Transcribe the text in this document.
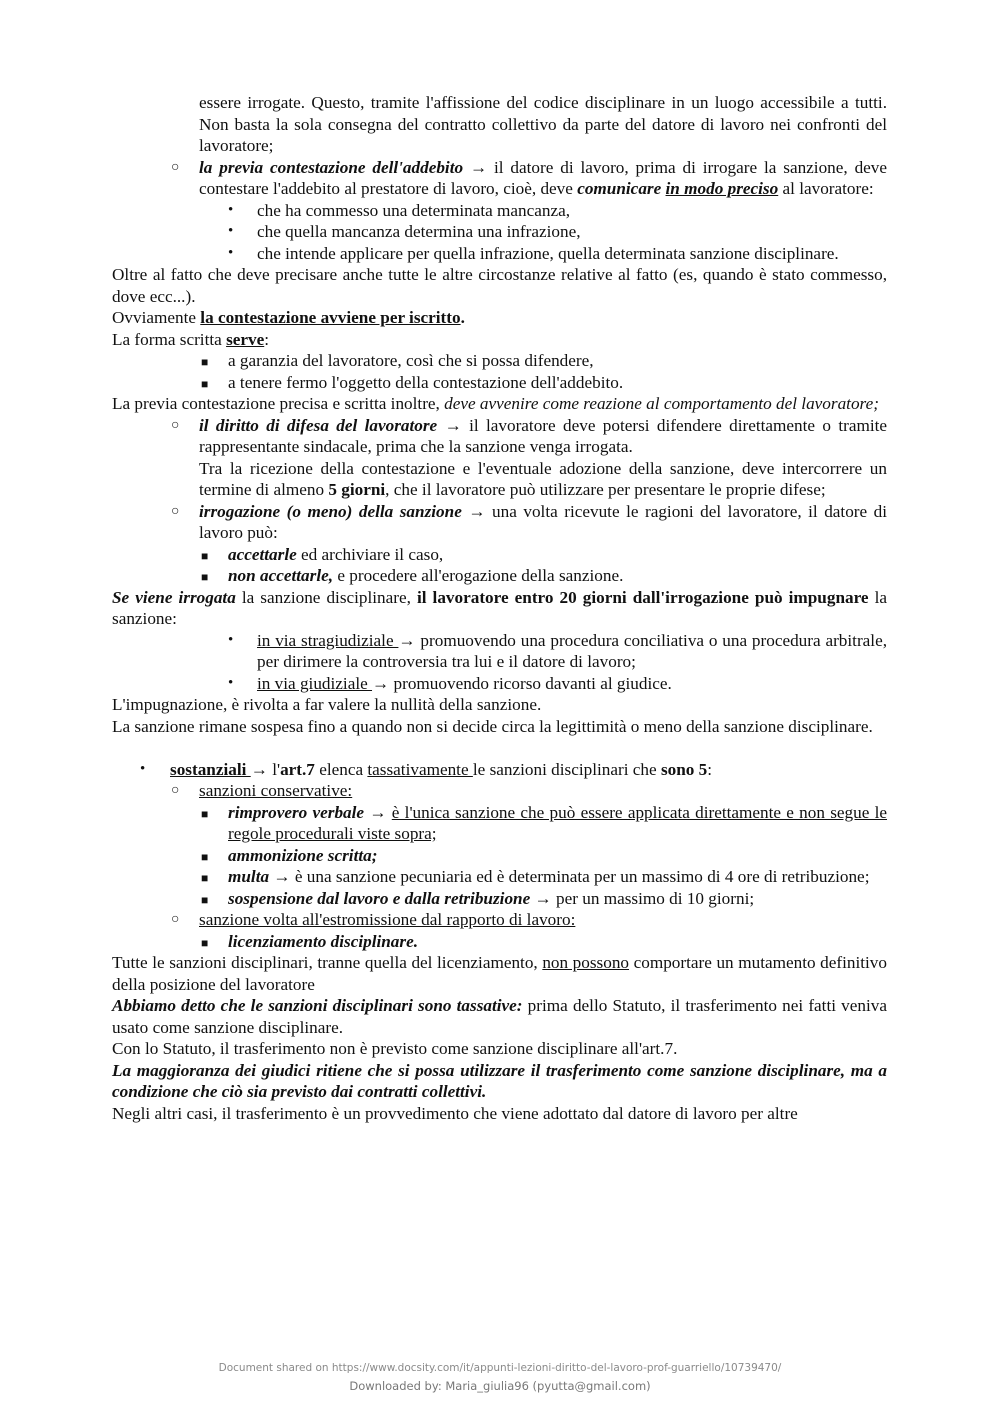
essere irrogate. Questo, tramite l'affissione del codice disciplinare in un luogo accessibile a tutti. Non basta la sola consegna del contratto collettivo da parte del datore di lavoro nei confronti del lavoratore;

○ la previa contestazione dell'addebito → il datore di lavoro, prima di irrogare la sanzione, deve contestare l'addebito al prestatore di lavoro, cioè, deve comunicare in modo preciso al lavoratore:

• che ha commesso una determinata mancanza,

• che quella mancanza determina una infrazione,

• che intende applicare per quella infrazione, quella determinata sanzione disciplinare.

Oltre al fatto che deve precisare anche tutte le altre circostanze relative al fatto (es, quando è stato commesso, dove ecc...).

Ovviamente la contestazione avviene per iscritto.

La forma scritta serve:

■ a garanzia del lavoratore, così che si possa difendere,

■ a tenere fermo l'oggetto della contestazione dell'addebito.

La previa contestazione precisa e scritta inoltre, deve avvenire come reazione al comportamento del lavoratore;

○ il diritto di difesa del lavoratore → il lavoratore deve potersi difendere direttamente o tramite rappresentante sindacale, prima che la sanzione venga irrogata.

Tra la ricezione della contestazione e l'eventuale adozione della sanzione, deve intercorrere un termine di almeno 5 giorni, che il lavoratore può utilizzare per presentare le proprie difese;

○ irrogazione (o meno) della sanzione → una volta ricevute le ragioni del lavoratore, il datore di lavoro può:

■ accettarle ed archiviare il caso,

■ non accettarle, e procedere all'erogazione della sanzione.

Se viene irrogata la sanzione disciplinare, il lavoratore entro 20 giorni dall'irrogazione può impugnare la sanzione:

• in via stragiudiziale → promuovendo una procedura conciliativa o una procedura arbitrale, per dirimere la controversia tra lui e il datore di lavoro;

• in via giudiziale → promuovendo ricorso davanti al giudice.

L'impugnazione, è rivolta a far valere la nullità della sanzione.

La sanzione rimane sospesa fino a quando non si decide circa la legittimità o meno della sanzione disciplinare.

• sostanziali → l'art.7 elenca tassativamente le sanzioni disciplinari che sono 5:

○ sanzioni conservative:

■ rimprovero verbale → è l'unica sanzione che può essere applicata direttamente e non segue le regole procedurali viste sopra;

■ ammonizione scritta;

■ multa → è una sanzione pecuniaria ed è determinata per un massimo di 4 ore di retribuzione;

■ sospensione dal lavoro e dalla retribuzione → per un massimo di 10 giorni;

○ sanzione volta all'estromissione dal rapporto di lavoro:

■ licenziamento disciplinare.

Tutte le sanzioni disciplinari, tranne quella del licenziamento, non possono comportare un mutamento definitivo della posizione del lavoratore

Abbiamo detto che le sanzioni disciplinari sono tassative: prima dello Statuto, il trasferimento nei fatti veniva usato come sanzione disciplinare.

Con lo Statuto, il trasferimento non è previsto come sanzione disciplinare all'art.7.

La maggioranza dei giudici ritiene che si possa utilizzare il trasferimento come sanzione disciplinare, ma a condizione che ciò sia previsto dai contratti collettivi.

Negli altri casi, il trasferimento è un provvedimento che viene adottato dal datore di lavoro per altre

Document shared on https://www.docsity.com/it/appunti-lezioni-diritto-del-lavoro-prof-guarriello/10739470/
Downloaded by: Maria_giulia96 (pyutta@gmail.com)
